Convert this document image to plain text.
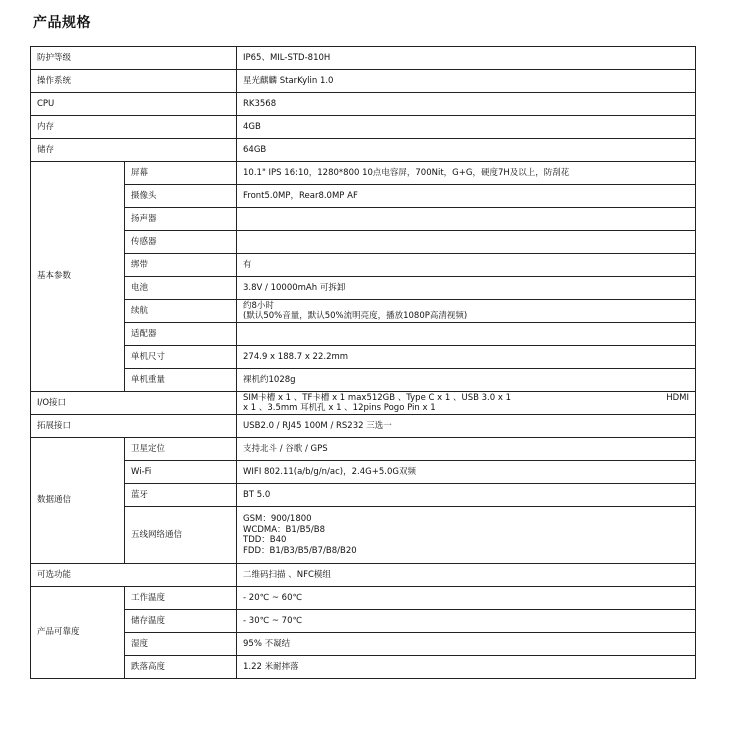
产品规格
防护等级		IP65、MIL-STD-810H
操作系统		星光麒麟 StarKylin 1.0
CPU		RK3568
内存		4GB
储存		64GB
基本参数	屏幕	10.1" IPS 16:10，1280*800 10点电容屏，700Nit，G+G，硬度7H及以上，防刮花
	摄像头	Front5.0MP，Rear8.0MP AF
	扬声器	
	传感器	
	绑带	有
	电池	3.8V / 10000mAh 可拆卸
	续航	约8小时
(默认50%音量，默认50%流明亮度，播放1080P高清视频)

	适配器	
	单机尺寸	274.9 x 188.7 x 22.2mm
	单机重量	裸机约1028g
I/O接口		SIM卡槽 x 1 、TF卡槽 x 1 max512GB 、Type C x 1 、USB 3.0 x 1 HDMI
x 1 、3.5mm 耳机孔 x 1 、12pins Pogo Pin x 1

拓展接口		USB2.0 / RJ45 100M / RS232 三选一
数据通信	卫星定位	支持北斗 / 谷歌 / GPS
	Wi-Fi	WIFI 802.11(a/b/g/n/ac)，2.4G+5.0G双频
	蓝牙	BT 5.0
	五线网络通信	GSM：900/1800
WCDMA：B1/B5/B8
TDD：B40
FDD：B1/B3/B5/B7/B8/B20

可选功能		二维码扫描 、NFC模组
产品可靠度	工作温度	- 20℃ ~ 60℃
	储存温度	- 30℃ ~ 70℃
	湿度	95% 不凝结
	跌落高度	1.22 米耐摔落
